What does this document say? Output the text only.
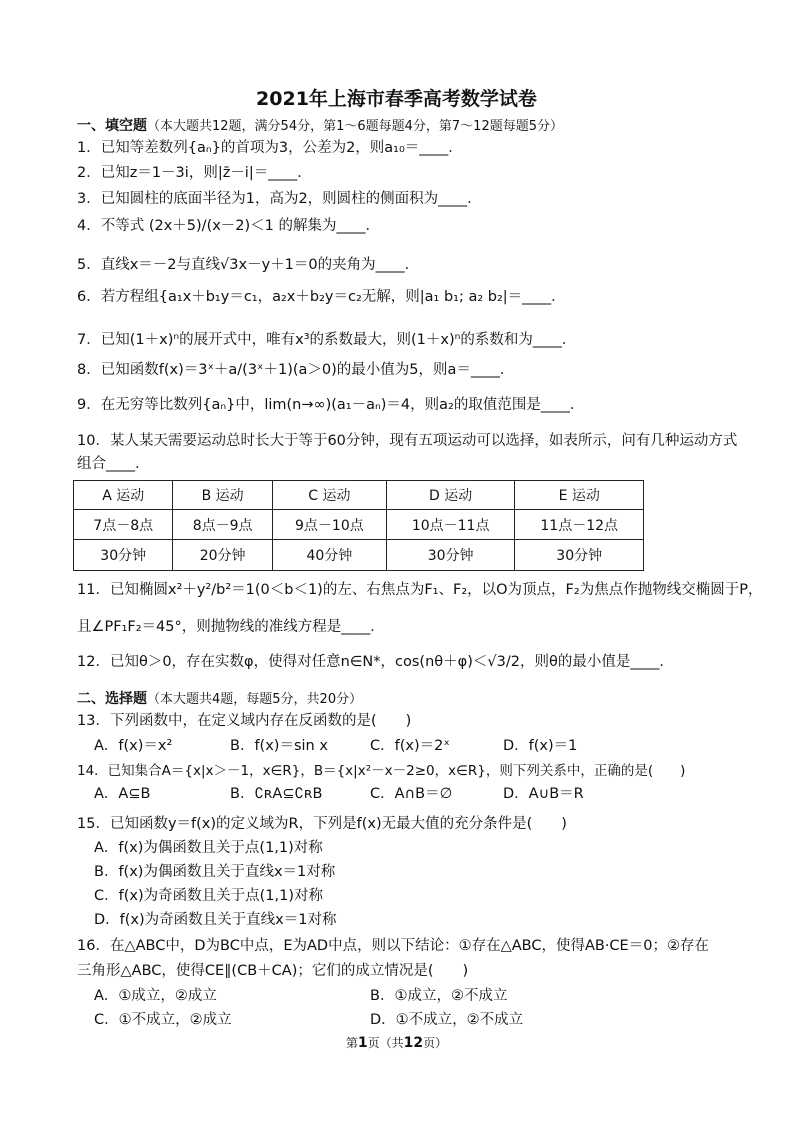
2021年上海市春季高考数学试卷
一、填空题（本大题共12题，满分54分，第1～6题每题4分，第7～12题每题5分）
1．已知等差数列{aₙ}的首项为3，公差为2，则a₁₀＝____．
2．已知z＝1－3i，则|z̄－i|＝____．
3．已知圆柱的底面半径为1，高为2，则圆柱的侧面积为____．
4．不等式 (2x＋5)/(x－2)＜1 的解集为____．
5．直线x＝－2与直线√3x－y＋1＝0的夹角为____．
6．若方程组{a₁x＋b₁y＝c₁，a₂x＋b₂y＝c₂无解，则|a₁ b₁; a₂ b₂|＝____．
7．已知(1＋x)ⁿ的展开式中，唯有x³的系数最大，则(1＋x)ⁿ的系数和为____．
8．已知函数f(x)＝3ˣ＋a/(3ˣ＋1)(a＞0)的最小值为5，则a＝____．
9．在无穷等比数列{aₙ}中，lim(n→∞)(a₁－aₙ)＝4，则a₂的取值范围是____．
10．某人某天需要运动总时长大于等于60分钟，现有五项运动可以选择，如表所示，问有几种运动方式
组合____．
A 运动	B 运动	C 运动	D 运动	E 运动
7点－8点	8点－9点	9点－10点	10点－11点	11点－12点
30分钟	20分钟	40分钟	30分钟	30分钟
11．已知椭圆x²＋y²/b²＝1(0＜b＜1)的左、右焦点为F₁、F₂，以O为顶点，F₂为焦点作抛物线交椭圆于P，
且∠PF₁F₂＝45°，则抛物线的准线方程是____．
12．已知θ＞0，存在实数φ，使得对任意n∈N*，cos(nθ＋φ)＜√3/2，则θ的最小值是____．
二、选择题（本大题共4题，每题5分，共20分）
13．下列函数中，在定义域内存在反函数的是(　　)
A．f(x)＝x²	B．f(x)＝sin x	C．f(x)＝2ˣ	D．f(x)＝1
14．已知集合A＝{x|x＞－1，x∈R}，B＝{x|x²－x－2≥0，x∈R}，则下列关系中，正确的是(　　)
A．A⊆B	B．∁ʀA⊆∁ʀB	C．A∩B＝∅	D．A∪B＝R
15．已知函数y＝f(x)的定义域为R，下列是f(x)无最大值的充分条件是(　　)
A．f(x)为偶函数且关于点(1,1)对称
B．f(x)为偶函数且关于直线x＝1对称
C．f(x)为奇函数且关于点(1,1)对称
D．f(x)为奇函数且关于直线x＝1对称
16．在△ABC中，D为BC中点，E为AD中点，则以下结论：①存在△ABC，使得AB·CE＝0；②存在
三角形△ABC，使得CE∥(CB＋CA)；它们的成立情况是(　　)
A．①成立，②成立	B．①成立，②不成立
C．①不成立，②成立	D．①不成立，②不成立
第1页（共12页）
